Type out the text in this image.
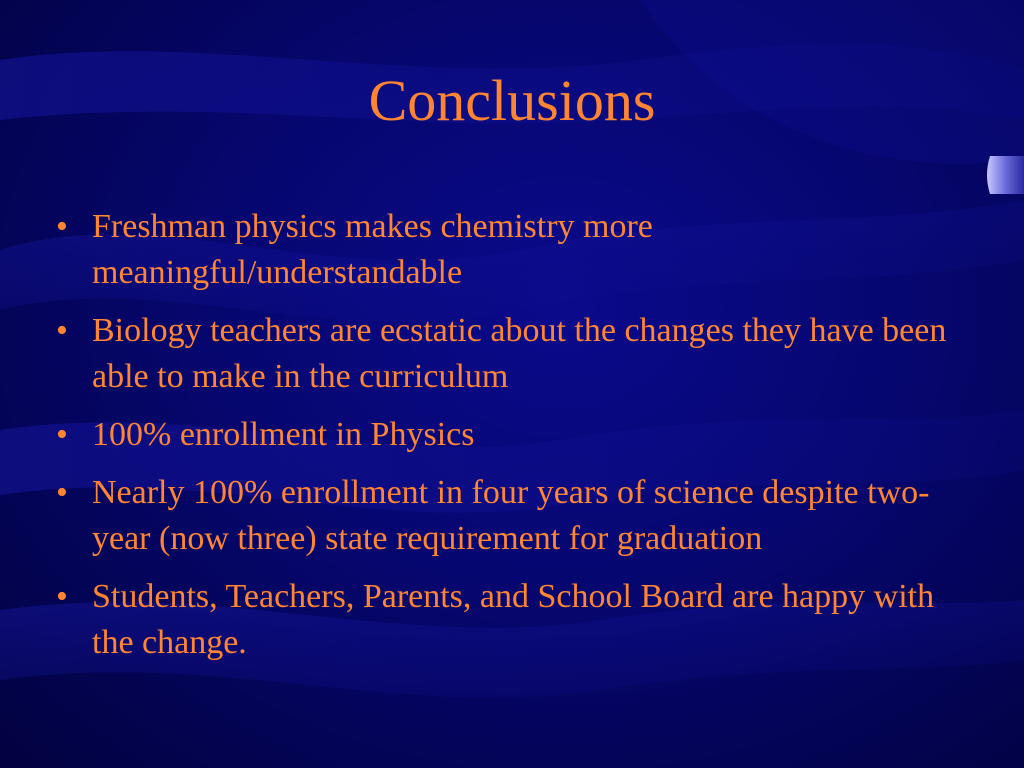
Conclusions
• Freshman physics makes chemistry more meaningful/understandable
• Biology teachers are ecstatic about the changes they have been able to make in the curriculum
• 100% enrollment in Physics
• Nearly 100% enrollment in four years of science despite two-year (now three) state requirement for graduation
• Students, Teachers, Parents, and School Board are happy with the change.
